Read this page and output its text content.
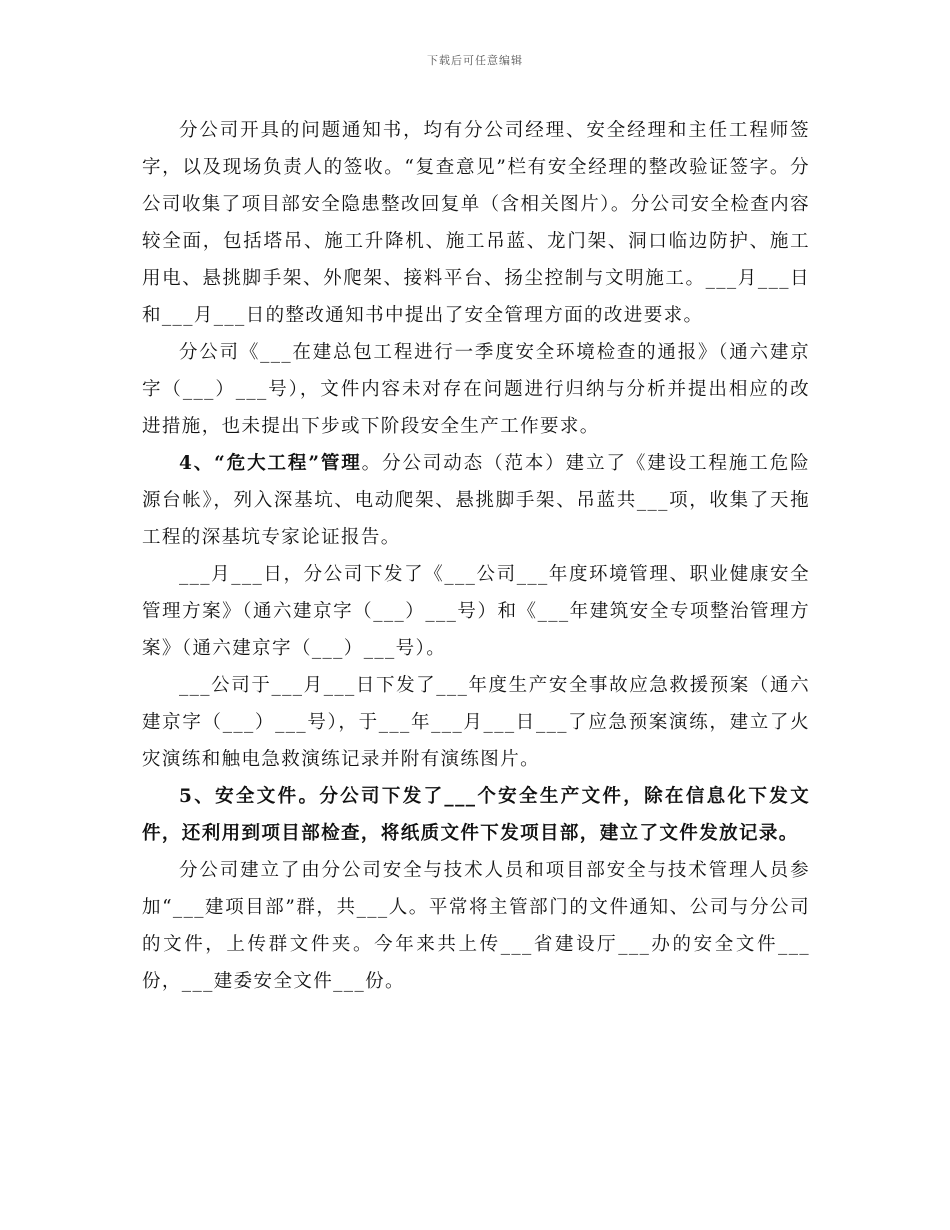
下载后可任意编辑

分公司开具的问题通知书，均有分公司经理、安全经理和主任工程师签字，以及现场负责人的签收。“复查意见”栏有安全经理的整改验证签字。分公司收集了项目部安全隐患整改回复单（含相关图片）。分公司安全检查内容较全面，包括塔吊、施工升降机、施工吊蓝、龙门架、洞口临边防护、施工用电、悬挑脚手架、外爬架、接料平台、扬尘控制与文明施工。___月___日和___月___日的整改通知书中提出了安全管理方面的改进要求。

分公司《___在建总包工程进行一季度安全环境检查的通报》（通六建京字（___）___号），文件内容未对存在问题进行归纳与分析并提出相应的改进措施，也未提出下步或下阶段安全生产工作要求。

4、“危大工程”管理。分公司动态（范本）建立了《建设工程施工危险源台帐》，列入深基坑、电动爬架、悬挑脚手架、吊蓝共___项，收集了天拖工程的深基坑专家论证报告。

___月___日，分公司下发了《___公司___年度环境管理、职业健康安全管理方案》（通六建京字（___）___号）和《___年建筑安全专项整治管理方案》（通六建京字（___）___号）。

___公司于___月___日下发了___年度生产安全事故应急救援预案（通六建京字（___）___号），于___年___月___日___了应急预案演练，建立了火灾演练和触电急救演练记录并附有演练图片。

5、安全文件。分公司下发了___个安全生产文件，除在信息化下发文件，还利用到项目部检查，将纸质文件下发项目部，建立了文件发放记录。

分公司建立了由分公司安全与技术人员和项目部安全与技术管理人员参加“___建项目部”群，共___人。平常将主管部门的文件通知、公司与分公司的文件，上传群文件夹。今年来共上传___省建设厅___办的安全文件___份，___建委安全文件___份。
